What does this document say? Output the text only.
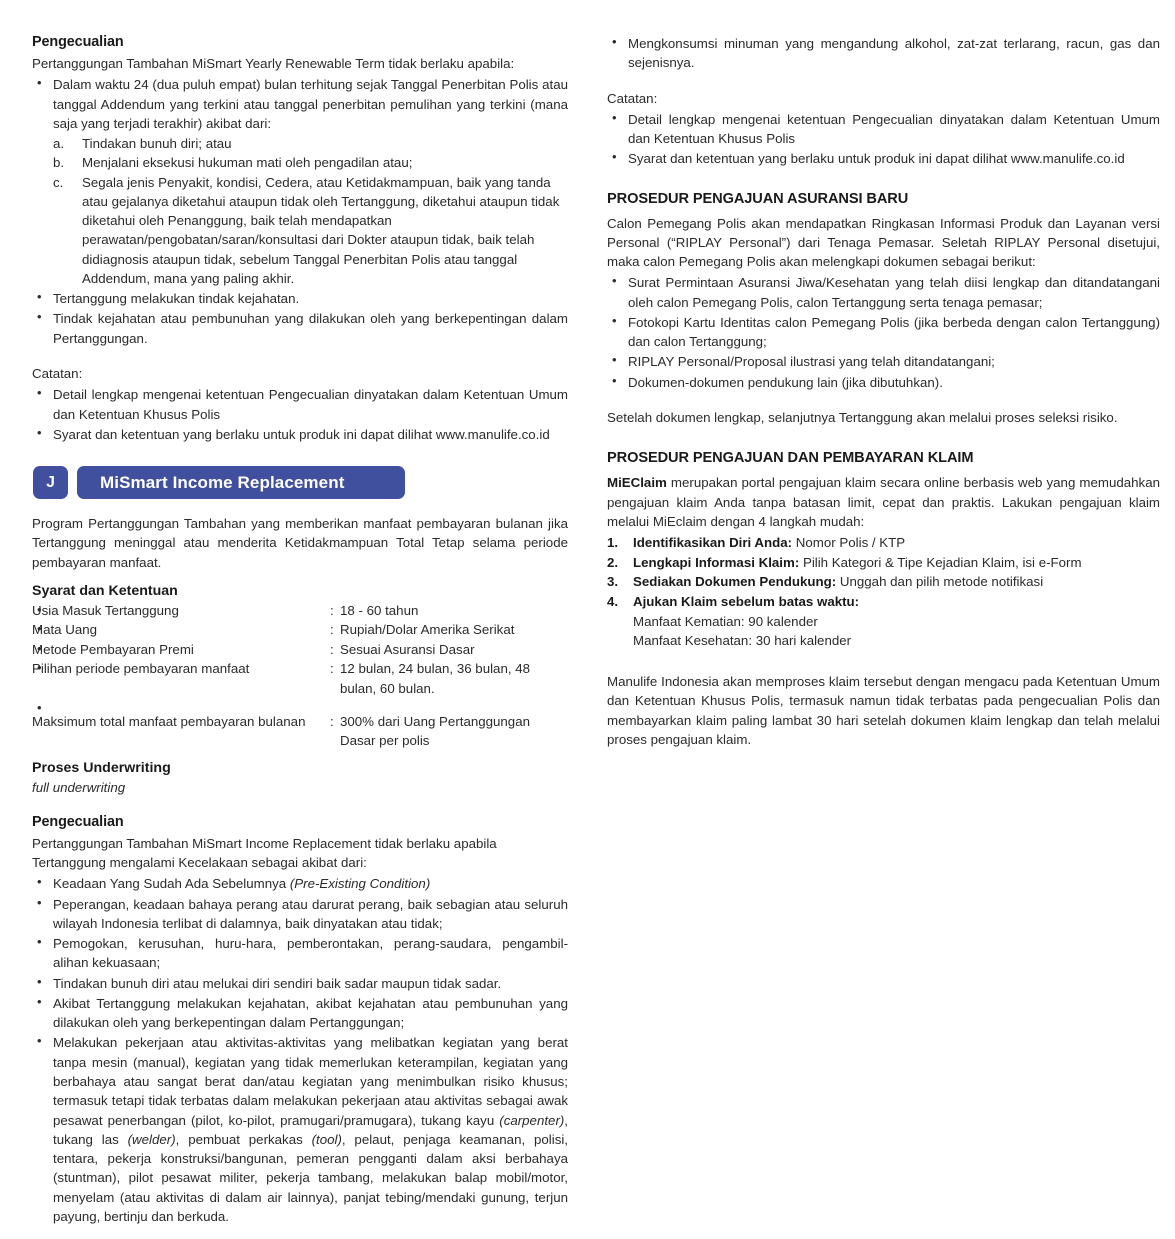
Pengecualian

Pertanggungan Tambahan MiSmart Yearly Renewable Term tidak berlaku apabila:

• Dalam waktu 24 (dua puluh empat) bulan terhitung sejak Tanggal Penerbitan Polis atau tanggal Addendum yang terkini atau tanggal penerbitan pemulihan yang terkini (mana saja yang terjadi terakhir) akibat dari:
a.	Tindakan bunuh diri; atau
b.	Menjalani eksekusi hukuman mati oleh pengadilan atau;
c.	Segala jenis Penyakit, kondisi, Cedera, atau Ketidakmampuan, baik yang tanda atau gejalanya diketahui ataupun tidak oleh Tertanggung, diketahui ataupun tidak diketahui oleh Penanggung, baik telah mendapatkan perawatan/pengobatan/saran/konsultasi dari Dokter ataupun tidak, baik telah didiagnosis ataupun tidak, sebelum Tanggal Penerbitan Polis atau tanggal Addendum, mana yang paling akhir.
• Tertanggung melakukan tindak kejahatan.
• Tindak kejahatan atau pembunuhan yang dilakukan oleh yang berkepentingan dalam Pertanggungan.

Catatan:

• Detail lengkap mengenai ketentuan Pengecualian dinyatakan dalam Ketentuan Umum dan Ketentuan Khusus Polis
• Syarat dan ketentuan yang berlaku untuk produk ini dapat dilihat www.manulife.co.id
J	MiSmart Income Replacement

Program Pertanggungan Tambahan yang memberikan manfaat pembayaran bulanan jika Tertanggung meninggal atau menderita Ketidakmampuan Total Tetap selama periode pembayaran manfaat.

Syarat dan Ketentuan
• Usia Masuk Tertanggung	:	18 - 60 tahun
• Mata Uang	:	Rupiah/Dolar Amerika Serikat
• Metode Pembayaran Premi	:	Sesuai Asuransi Dasar
• Pilihan periode pembayaran manfaat	:	12 bulan, 24 bulan, 36 bulan, 48 bulan, 60 bulan.
• Maksimum total manfaat pembayaran bulanan	:	300% dari Uang Pertanggungan Dasar per polis
Proses Underwriting

full underwriting

Pengecualian

Pertanggungan Tambahan MiSmart Income Replacement tidak berlaku apabila Tertanggung mengalami Kecelakaan sebagai akibat dari:

• Keadaan Yang Sudah Ada Sebelumnya (Pre-Existing Condition)
• Peperangan, keadaan bahaya perang atau darurat perang, baik sebagian atau seluruh wilayah Indonesia terlibat di dalamnya, baik dinyatakan atau tidak;
• Pemogokan, kerusuhan, huru-hara, pemberontakan, perang-saudara, pengambil-alihan kekuasaan;
• Tindakan bunuh diri atau melukai diri sendiri baik sadar maupun tidak sadar.
• Akibat Tertanggung melakukan kejahatan, akibat kejahatan atau pembunuhan yang dilakukan oleh yang berkepentingan dalam Pertanggungan;
• Melakukan pekerjaan atau aktivitas-aktivitas yang melibatkan kegiatan yang berat tanpa mesin (manual), kegiatan yang tidak memerlukan keterampilan, kegiatan yang berbahaya atau sangat berat dan/atau kegiatan yang menimbulkan risiko khusus; termasuk tetapi tidak terbatas dalam melakukan pekerjaan atau aktivitas sebagai awak pesawat penerbangan (pilot, ko-pilot, pramugari/pramugara), tukang kayu (carpenter), tukang las (welder), pembuat perkakas (tool), pelaut, penjaga keamanan, polisi, tentara, pekerja konstruksi/bangunan, pemeran pengganti dalam aksi berbahaya (stuntman), pilot pesawat militer, pekerja tambang, melakukan balap mobil/motor, menyelam (atau aktivitas di dalam air lainnya), panjat tebing/mendaki gunung, terjun payung, bertinju dan berkuda.
• Mengkonsumsi minuman yang mengandung alkohol, zat-zat terlarang, racun, gas dan sejenisnya.

Catatan:

• Detail lengkap mengenai ketentuan Pengecualian dinyatakan dalam Ketentuan Umum dan Ketentuan Khusus Polis
• Syarat dan ketentuan yang berlaku untuk produk ini dapat dilihat www.manulife.co.id
PROSEDUR PENGAJUAN ASURANSI BARU

Calon Pemegang Polis akan mendapatkan Ringkasan Informasi Produk dan Layanan versi Personal (“RIPLAY Personal”) dari Tenaga Pemasar. Seletah RIPLAY Personal disetujui, maka calon Pemegang Polis akan melengkapi dokumen sebagai berikut:

• Surat Permintaan Asuransi Jiwa/Kesehatan yang telah diisi lengkap dan ditandatangani oleh calon Pemegang Polis, calon Tertanggung serta tenaga pemasar;
• Fotokopi Kartu Identitas calon Pemegang Polis (jika berbeda dengan calon Tertanggung) dan calon Tertanggung;
• RIPLAY Personal/Proposal ilustrasi yang telah ditandatangani;
• Dokumen-dokumen pendukung lain (jika dibutuhkan).

Setelah dokumen lengkap, selanjutnya Tertanggung akan melalui proses seleksi risiko.

PROSEDUR PENGAJUAN DAN PEMBAYARAN KLAIM

MiEClaim merupakan portal pengajuan klaim secara online berbasis web yang memudahkan pengajuan klaim Anda tanpa batasan limit, cepat dan praktis. Lakukan pengajuan klaim melalui MiEclaim dengan 4 langkah mudah:

1. Identifikasikan Diri Anda: Nomor Polis / KTP
2. Lengkapi Informasi Klaim: Pilih Kategori & Tipe Kejadian Klaim, isi e-Form
3. Sediakan Dokumen Pendukung: Unggah dan pilih metode notifikasi
4. Ajukan Klaim sebelum batas waktu:
Manfaat Kematian: 90 kalender
Manfaat Kesehatan: 30 hari kalender

Manulife Indonesia akan memproses klaim tersebut dengan mengacu pada Ketentuan Umum dan Ketentuan Khusus Polis, termasuk namun tidak terbatas pada pengecualian Polis dan membayarkan klaim paling lambat 30 hari setelah dokumen klaim lengkap dan telah melalui proses pengajuan klaim.
